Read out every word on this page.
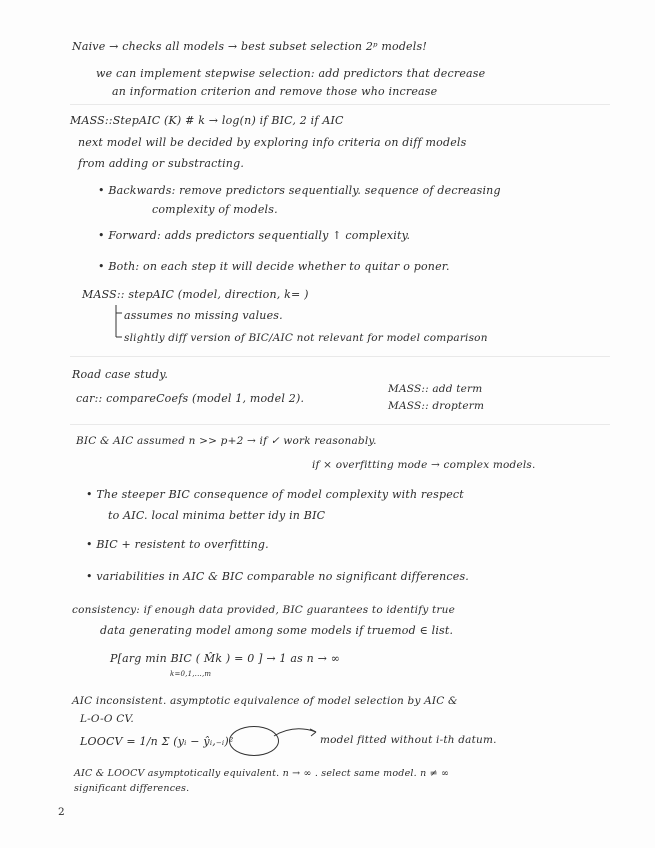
Naive → checks all models → best subset selection 2ᵖ models!
we can implement stepwise selection: add predictors that decrease
an information criterion and remove those who increase
MASS::StepAIC (K) # k → log(n) if BIC, 2 if AIC
next model will be decided by exploring info criteria on diff models
from adding or substracting.
• Backwards: remove predictors sequentially. sequence of decreasing
complexity of models.
• Forward: adds predictors sequentially ↑ complexity.
• Both: on each step it will decide whether to quitar o poner.
MASS:: stepAIC (model, direction, k= )
assumes no missing values.
slightly diff version of BIC/AIC not relevant for model comparison
Road case study.
MASS:: add term
car:: compareCoefs (model 1, model 2).
MASS:: dropterm
BIC & AIC assumed n >> p+2 → if ✓ work reasonably.
if × overfitting mode → complex models.
• The steeper BIC consequence of model complexity with respect
to AIC. local minima better idy in BIC
• BIC + resistent to overfitting.
• variabilities in AIC & BIC comparable no significant differences.
consistency: if enough data provided, BIC guarantees to identify true
data generating model among some models if truemod ∈ list.
P[arg min BIC ( M̂k ) = 0 ] → 1 as n → ∞
k=0,1,...,m
AIC inconsistent. asymptotic equivalence of model selection by AIC &
L-O-O CV.
LOOCV = 1/n Σ (yᵢ − ŷᵢ,₋ᵢ)²	model fitted without i-th datum.
AIC & LOOCV asymptotically equivalent. n → ∞ . select same model. n ≠ ∞
significant differences.
2
